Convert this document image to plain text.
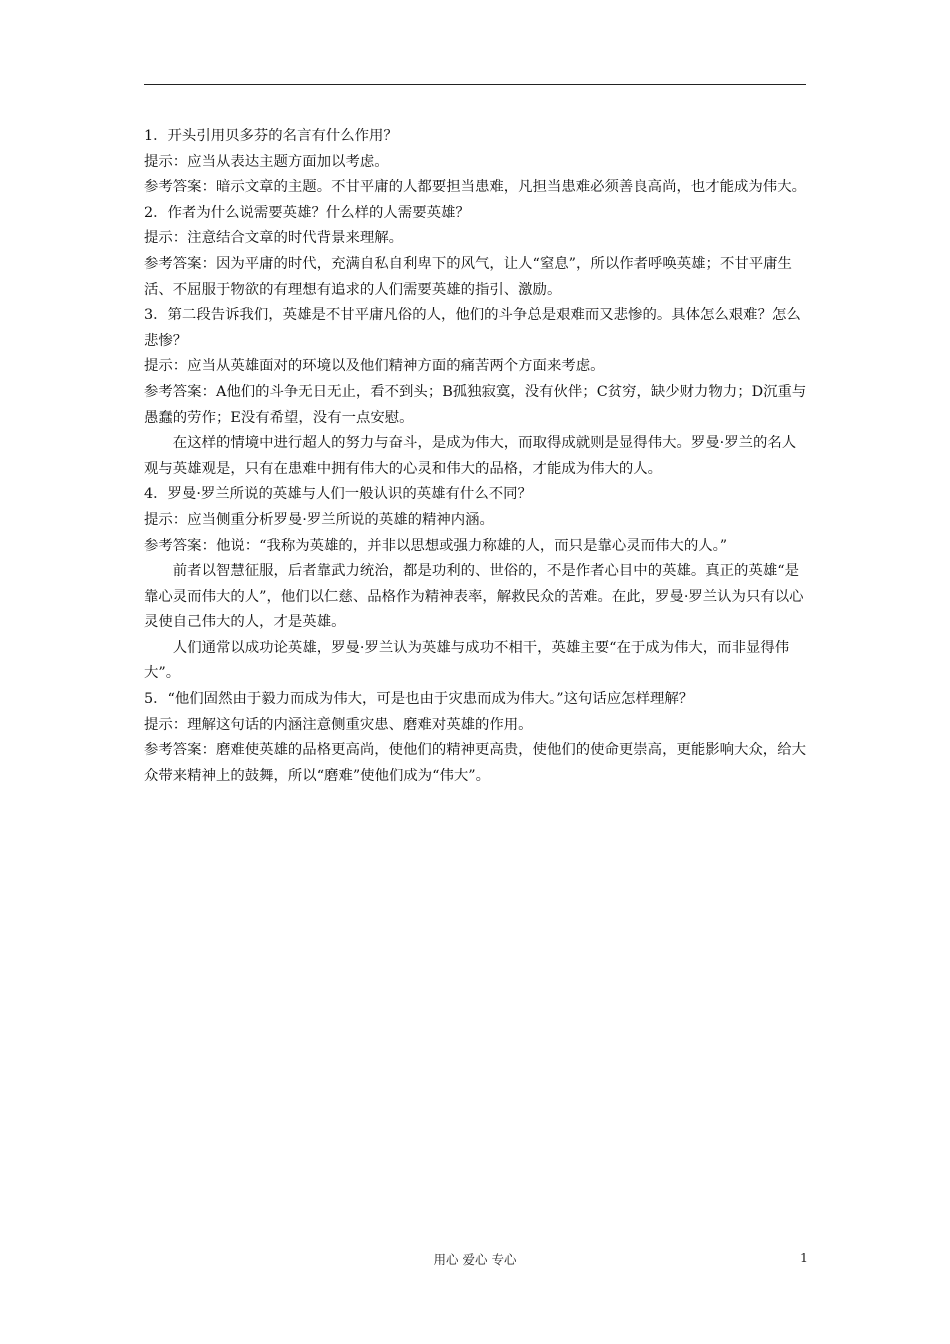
1．开头引用贝多芬的名言有什么作用？

提示：应当从表达主题方面加以考虑。

参考答案：暗示文章的主题。不甘平庸的人都要担当患难，凡担当患难必须善良高尚，也才能成为伟大。

2．作者为什么说需要英雄？什么样的人需要英雄？

提示：注意结合文章的时代背景来理解。

参考答案：因为平庸的时代，充满自私自利卑下的风气，让人“窒息”，所以作者呼唤英雄；不甘平庸生活、不屈服于物欲的有理想有追求的人们需要英雄的指引、激励。

3．第二段告诉我们，英雄是不甘平庸凡俗的人，他们的斗争总是艰难而又悲惨的。具体怎么艰难？怎么悲惨？

提示：应当从英雄面对的环境以及他们精神方面的痛苦两个方面来考虑。

参考答案：A他们的斗争无日无止，看不到头；B孤独寂寞，没有伙伴；C贫穷，缺少财力物力；D沉重与愚蠢的劳作；E没有希望，没有一点安慰。

在这样的情境中进行超人的努力与奋斗，是成为伟大，而取得成就则是显得伟大。罗曼·罗兰的名人观与英雄观是，只有在患难中拥有伟大的心灵和伟大的品格，才能成为伟大的人。

4．罗曼·罗兰所说的英雄与人们一般认识的英雄有什么不同？

提示：应当侧重分析罗曼·罗兰所说的英雄的精神内涵。

参考答案：他说：“我称为英雄的，并非以思想或强力称雄的人，而只是靠心灵而伟大的人。”

前者以智慧征服，后者靠武力统治，都是功利的、世俗的，不是作者心目中的英雄。真正的英雄“是靠心灵而伟大的人”，他们以仁慈、品格作为精神表率，解救民众的苦难。在此，罗曼·罗兰认为只有以心灵使自己伟大的人，才是英雄。

人们通常以成功论英雄，罗曼·罗兰认为英雄与成功不相干，英雄主要“在于成为伟大，而非显得伟大”。

5．“他们固然由于毅力而成为伟大，可是也由于灾患而成为伟大。”这句话应怎样理解？

提示：理解这句话的内涵注意侧重灾患、磨难对英雄的作用。

参考答案：磨难使英雄的品格更高尚，使他们的精神更高贵，使他们的使命更崇高，更能影响大众，给大众带来精神上的鼓舞，所以“磨难”使他们成为“伟大”。

用心 爱心 专心	1
